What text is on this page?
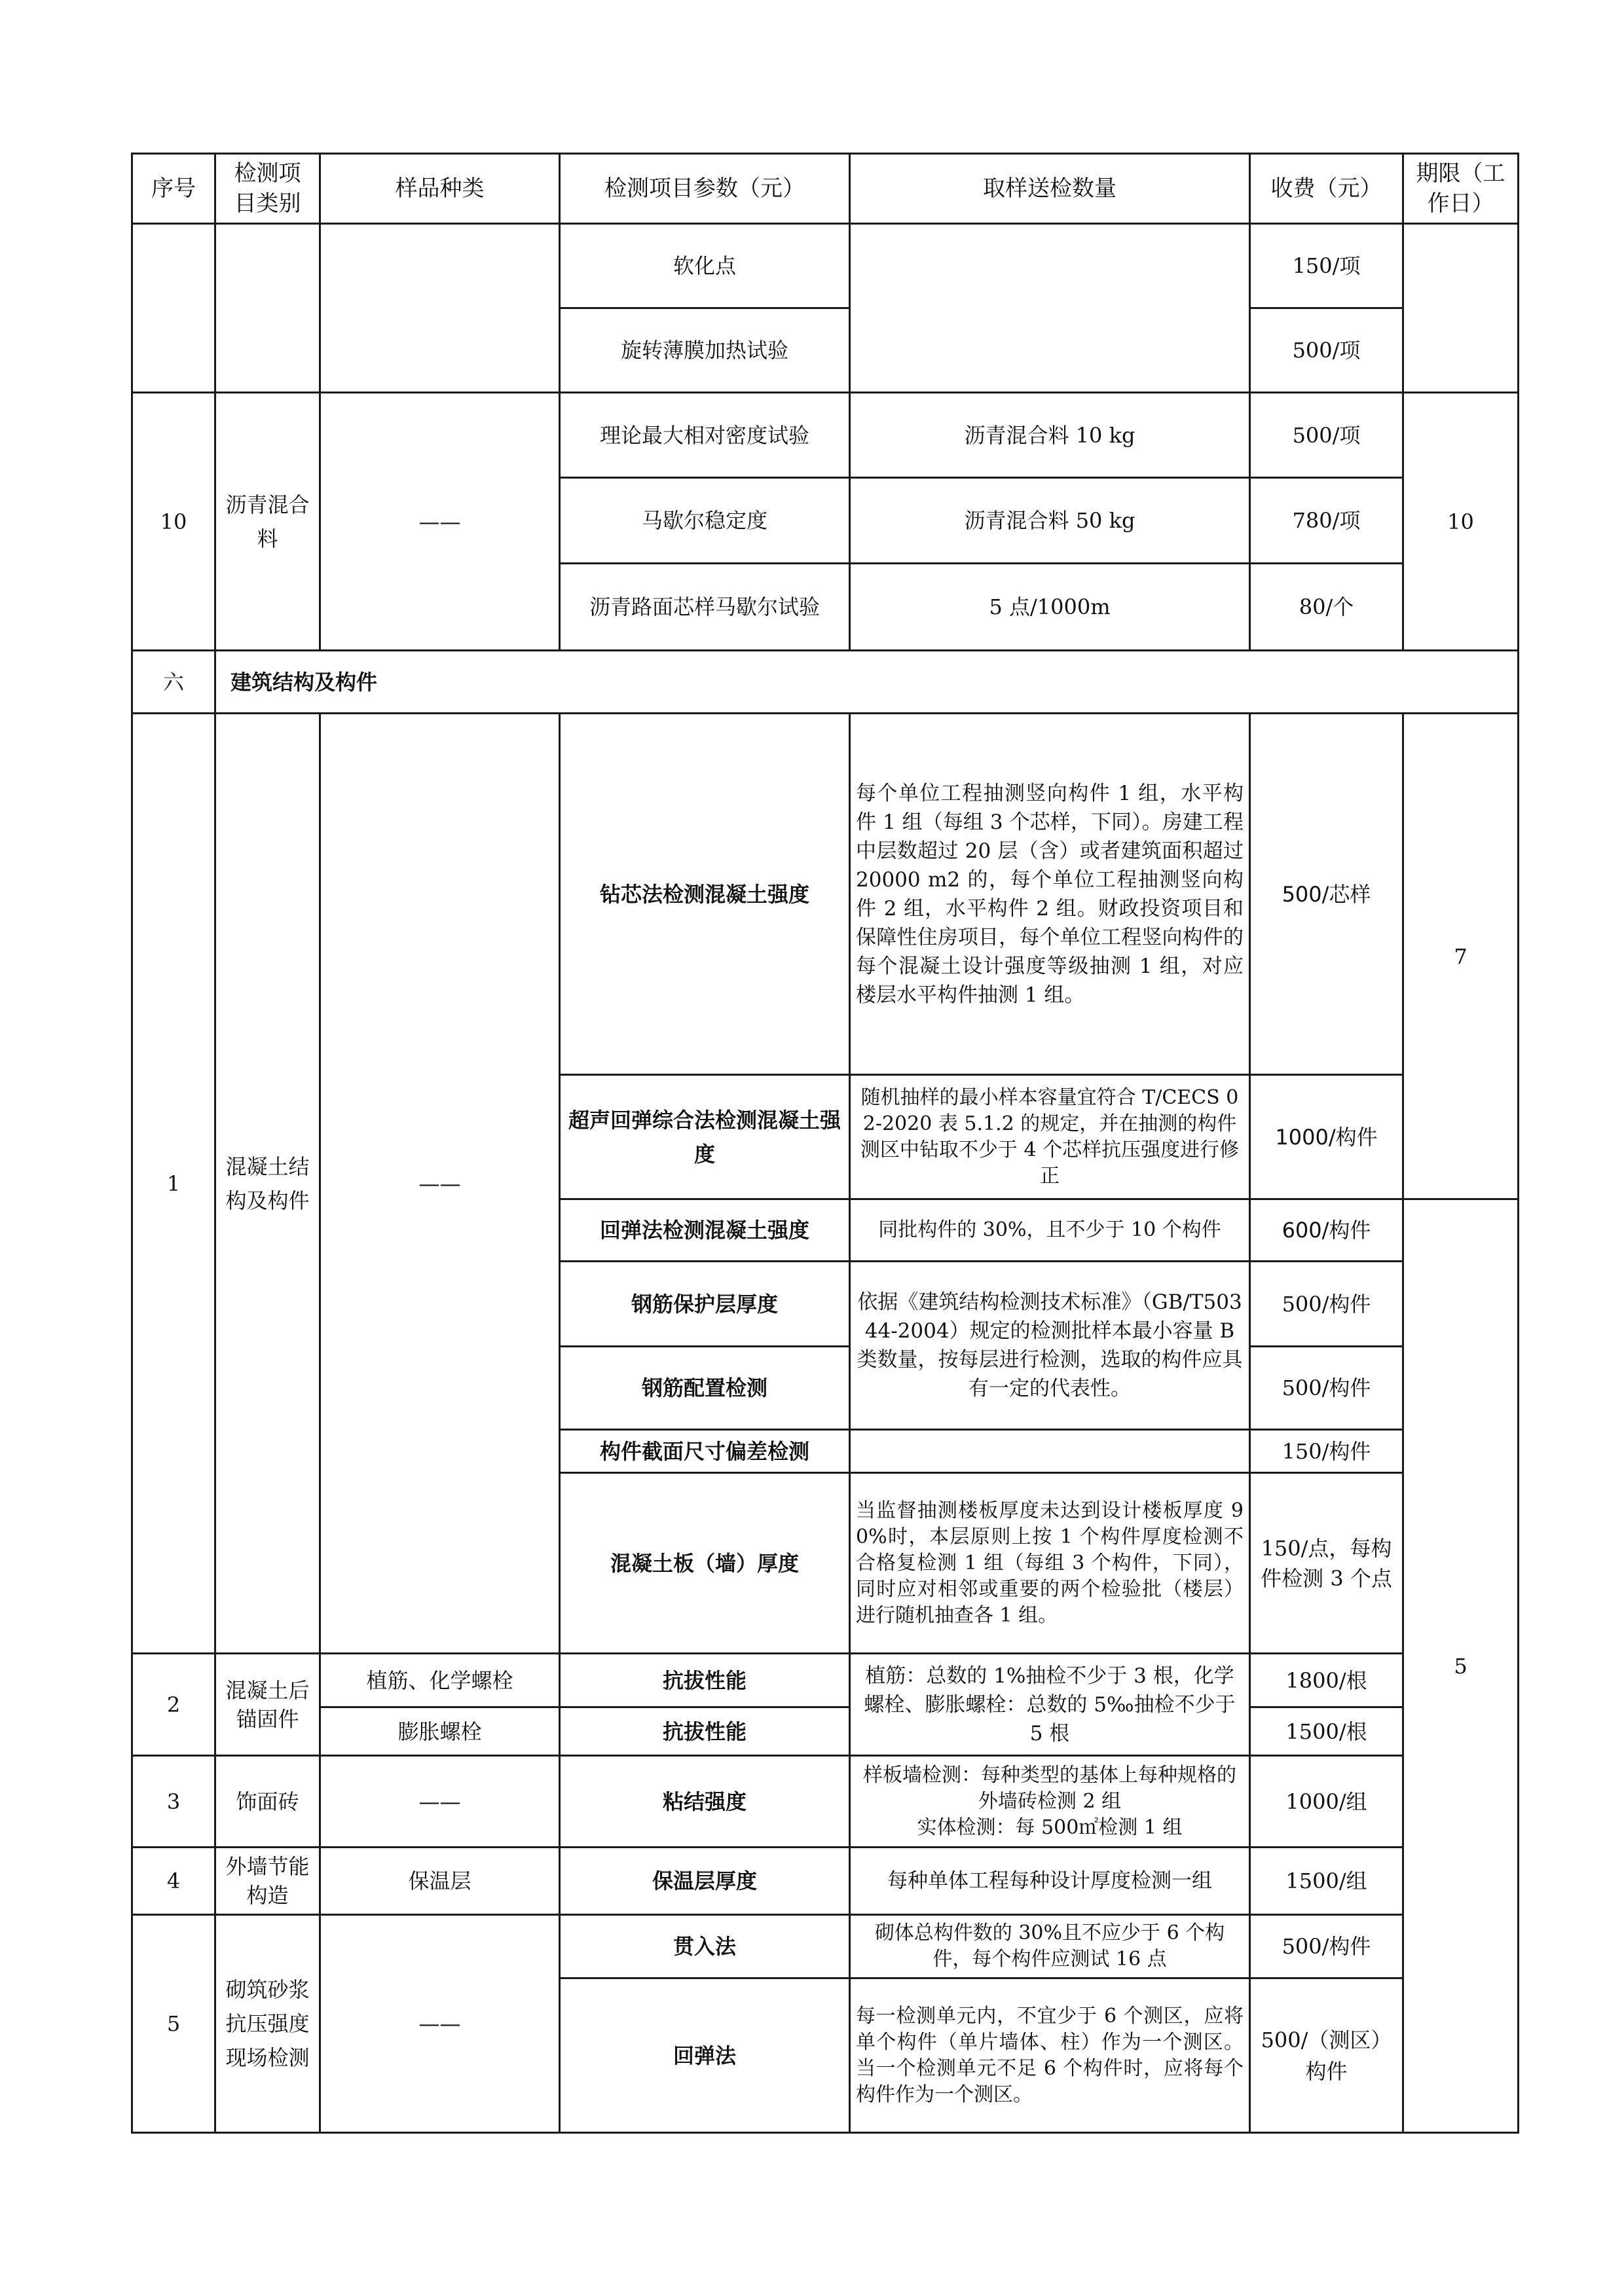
序号	检测项目类别	样品种类	检测项目参数（元）	取样送检数量	收费（元）	期限（工作日）
			软化点		150/项	
			旋转薄膜加热试验		500/项	
10	沥青混合料	——	理论最大相对密度试验	沥青混合料 10 kg	500/项	10
			马歇尔稳定度	沥青混合料 50 kg	780/项	
			沥青路面芯样马歇尔试验	5 点/1000m	80/个	
六	建筑结构及构件					
1	混凝土结构及构件	——	钻芯法检测混凝土强度	每个单位工程抽测竖向构件 1 组，水平构件 1 组（每组 3 个芯样，下同）。房建工程中层数超过 20 层（含）或者建筑面积超过 20000 m2 的，每个单位工程抽测竖向构件 2 组，水平构件 2 组。财政投资项目和保障性住房项目，每个单位工程竖向构件的每个混凝土设计强度等级抽测 1 组，对应楼层水平构件抽测 1 组。	500/芯样	7
			超声回弹综合法检测混凝土强度	随机抽样的最小样本容量宜符合 T/CECS 02-2020 表 5.1.2 的规定，并在抽测的构件测区中钻取不少于 4 个芯样抗压强度进行修正	1000/构件	
			回弹法检测混凝土强度	同批构件的 30%，且不少于 10 个构件	600/构件	5
			钢筋保护层厚度	依据《建筑结构检测技术标准》（GB/T50344-2004）规定的检测批样本最小容量 B 类数量，按每层进行检测，选取的构件应具有一定的代表性。	500/构件	
			钢筋配置检测		500/构件	
			构件截面尺寸偏差检测		150/构件	
			混凝土板（墙）厚度	当监督抽测楼板厚度未达到设计楼板厚度 90%时，本层原则上按 1 个构件厚度检测不合格复检测 1 组（每组 3 个构件，下同），同时应对相邻或重要的两个检验批（楼层）进行随机抽查各 1 组。	150/点，每构件检测 3 个点	
2	混凝土后锚固件	植筋、化学螺栓	抗拔性能	植筋：总数的 1%抽检不少于 3 根，化学螺栓、膨胀螺栓：总数的 5‰抽检不少于 5 根	1800/根	
		膨胀螺栓	抗拔性能		1500/根	
3	饰面砖	——	粘结强度	样板墙检测：每种类型的基体上每种规格的外墙砖检测 2 组
实体检测：每 500㎡检测 1 组	1000/组	
4	外墙节能构造	保温层	保温层厚度	每种单体工程每种设计厚度检测一组	1500/组	
5	砌筑砂浆抗压强度现场检测	——	贯入法	砌体总构件数的 30%且不应少于 6 个构件，每个构件应测试 16 点	500/构件	
			回弹法	每一检测单元内，不宜少于 6 个测区，应将单个构件（单片墙体、柱）作为一个测区。当一个检测单元不足 6 个构件时，应将每个构件作为一个测区。	500/（测区）构件	
